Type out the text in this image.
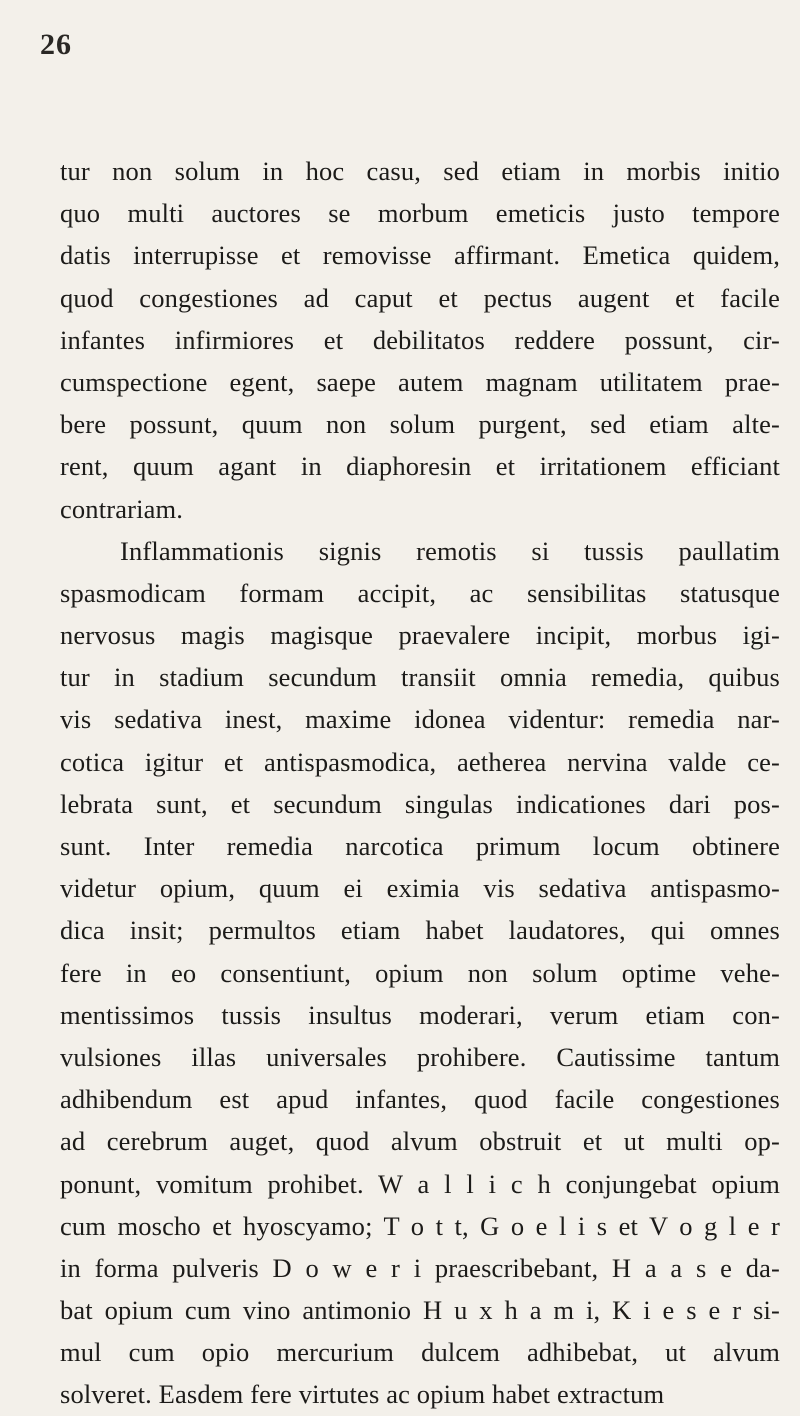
26
tur non solum in hoc casu, sed etiam in morbis initio
quo multi auctores se morbum emeticis justo tempore
datis interrupisse et removisse affirmant. Emetica quidem,
quod congestiones ad caput et pectus augent et facile
infantes infirmiores et debilitatos reddere possunt, cir-
cumspectione egent, saepe autem magnam utilitatem prae-
bere possunt, quum non solum purgent, sed etiam alte-
rent, quum agant in diaphoresin et irritationem efficiant
contrariam.
Inflammationis signis remotis si tussis paullatim
spasmodicam formam accipit, ac sensibilitas statusque
nervosus magis magisque praevalere incipit, morbus igi-
tur in stadium secundum transiit omnia remedia, quibus
vis sedativa inest, maxime idonea videntur: remedia nar-
cotica igitur et antispasmodica, aetherea nervina valde ce-
lebrata sunt, et secundum singulas indicationes dari pos-
sunt. Inter remedia narcotica primum locum obtinere
videtur opium, quum ei eximia vis sedativa antispasmo-
dica insit; permultos etiam habet laudatores, qui omnes
fere in eo consentiunt, opium non solum optime vehe-
mentissimos tussis insultus moderari, verum etiam con-
vulsiones illas universales prohibere. Cautissime tantum
adhibendum est apud infantes, quod facile congestiones
ad cerebrum auget, quod alvum obstruit et ut multi op-
ponunt, vomitum prohibet. W a l l i c h conjungebat opium
cum moscho et hyoscyamo; T o t t, G o e l i s et V o g l e r
in forma pulveris D o w e r i praescribebant, H a a s e da-
bat opium cum vino antimonio H u x h a m i, K i e s e r si-
mul cum opio mercurium dulcem adhibebat, ut alvum
solveret. Easdem fere virtutes ac opium habet extractum
